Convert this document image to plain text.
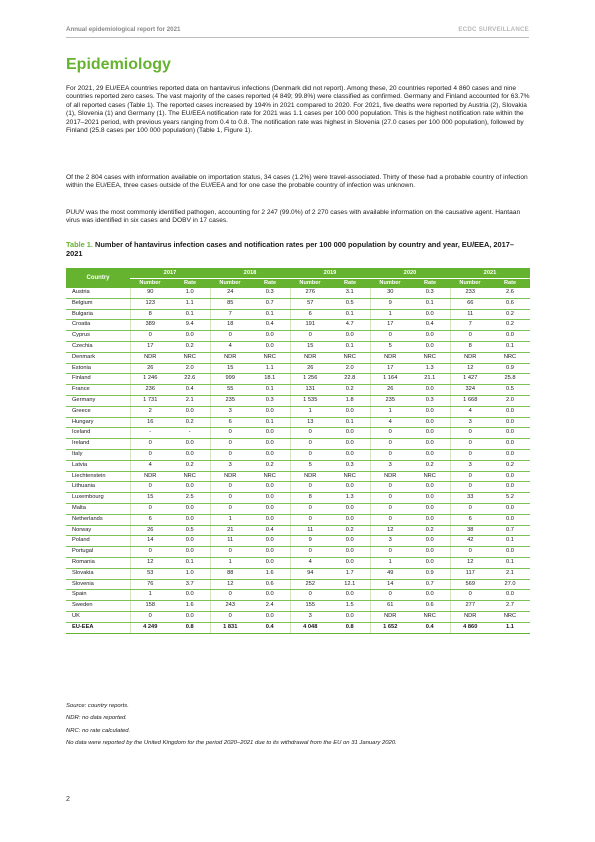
Annual epidemiological report for 2021	ECDC SURVEILLANCE
Epidemiology

For 2021, 29 EU/EEA countries reported data on hantavirus infections (Denmark did not report). Among these, 20 countries reported 4 860 cases and nine countries reported zero cases. The vast majority of the cases reported (4 849; 99.8%) were classified as confirmed. Germany and Finland accounted for 63.7% of all reported cases (Table 1). The reported cases increased by 194% in 2021 compared to 2020. For 2021, five deaths were reported by Austria (2), Slovakia (1), Slovenia (1) and Germany (1). The EU/EEA notification rate for 2021 was 1.1 cases per 100 000 population. This is the highest notification rate within the 2017–2021 period, with previous years ranging from 0.4 to 0.8. The notification rate was highest in Slovenia (27.0 cases per 100 000 population), followed by Finland (25.8 cases per 100 000 population) (Table 1, Figure 1).

Of the 2 804 cases with information available on importation status, 34 cases (1.2%) were travel-associated. Thirty of these had a probable country of infection within the EU/EEA, three cases outside of the EU/EEA and for one case the probable country of infection was unknown.

PUUV was the most commonly identified pathogen, accounting for 2 247 (99.0%) of 2 270 cases with available information on the causative agent. Hantaan virus was identified in six cases and DOBV in 17 cases.

Table 1. Number of hantavirus infection cases and notification rates per 100 000 population by country and year, EU/EEA, 2017–2021

Country	2017		2018		2019		2020		2021	
	Number	Rate	Number	Rate	Number	Rate	Number	Rate	Number	Rate
Austria	90	1.0	24	0.3	276	3.1	30	0.3	233	2.6
Belgium	123	1.1	85	0.7	57	0.5	9	0.1	66	0.6
Bulgaria	8	0.1	7	0.1	6	0.1	1	0.0	11	0.2
Croatia	389	9.4	18	0.4	191	4.7	17	0.4	7	0.2
Cyprus	0	0.0	0	0.0	0	0.0	0	0.0	0	0.0
Czechia	17	0.2	4	0.0	15	0.1	5	0.0	8	0.1
Denmark	NDR	NRC	NDR	NRC	NDR	NRC	NDR	NRC	NDR	NRC
Estonia	26	2.0	15	1.1	26	2.0	17	1.3	12	0.9
Finland	1 246	22.6	999	18.1	1 256	22.8	1 164	21.1	1 427	25.8
France	236	0.4	55	0.1	131	0.2	26	0.0	324	0.5
Germany	1 731	2.1	235	0.3	1 535	1.8	235	0.3	1 668	2.0
Greece	2	0.0	3	0.0	1	0.0	1	0.0	4	0.0
Hungary	16	0.2	6	0.1	13	0.1	4	0.0	3	0.0
Iceland	-	-	0	0.0	0	0.0	0	0.0	0	0.0
Ireland	0	0.0	0	0.0	0	0.0	0	0.0	0	0.0
Italy	0	0.0	0	0.0	0	0.0	0	0.0	0	0.0
Latvia	4	0.2	3	0.2	5	0.3	3	0.2	3	0.2
Liechtenstein	NDR	NRC	NDR	NRC	NDR	NRC	NDR	NRC	0	0.0
Lithuania	0	0.0	0	0.0	0	0.0	0	0.0	0	0.0
Luxembourg	15	2.5	0	0.0	8	1.3	0	0.0	33	5.2
Malta	0	0.0	0	0.0	0	0.0	0	0.0	0	0.0
Netherlands	6	0.0	1	0.0	0	0.0	0	0.0	6	0.0
Norway	26	0.5	21	0.4	11	0.2	12	0.2	38	0.7
Poland	14	0.0	11	0.0	9	0.0	3	0.0	42	0.1
Portugal	0	0.0	0	0.0	0	0.0	0	0.0	0	0.0
Romania	12	0.1	1	0.0	4	0.0	1	0.0	12	0.1
Slovakia	53	1.0	88	1.6	94	1.7	49	0.9	117	2.1
Slovenia	76	3.7	12	0.6	252	12.1	14	0.7	569	27.0
Spain	1	0.0	0	0.0	0	0.0	0	0.0	0	0.0
Sweden	158	1.6	243	2.4	155	1.5	61	0.6	277	2.7
UK	0	0.0	0	0.0	3	0.0	NDR	NRC	NDR	NRC
EU-EEA	4 249	0.8	1 831	0.4	4 048	0.8	1 652	0.4	4 860	1.1
Source: country reports.
NDR: no data reported.
NRC: no rate calculated.
No data were reported by the United Kingdom for the period 2020–2021 due to its withdrawal from the EU on 31 January 2020.
2
